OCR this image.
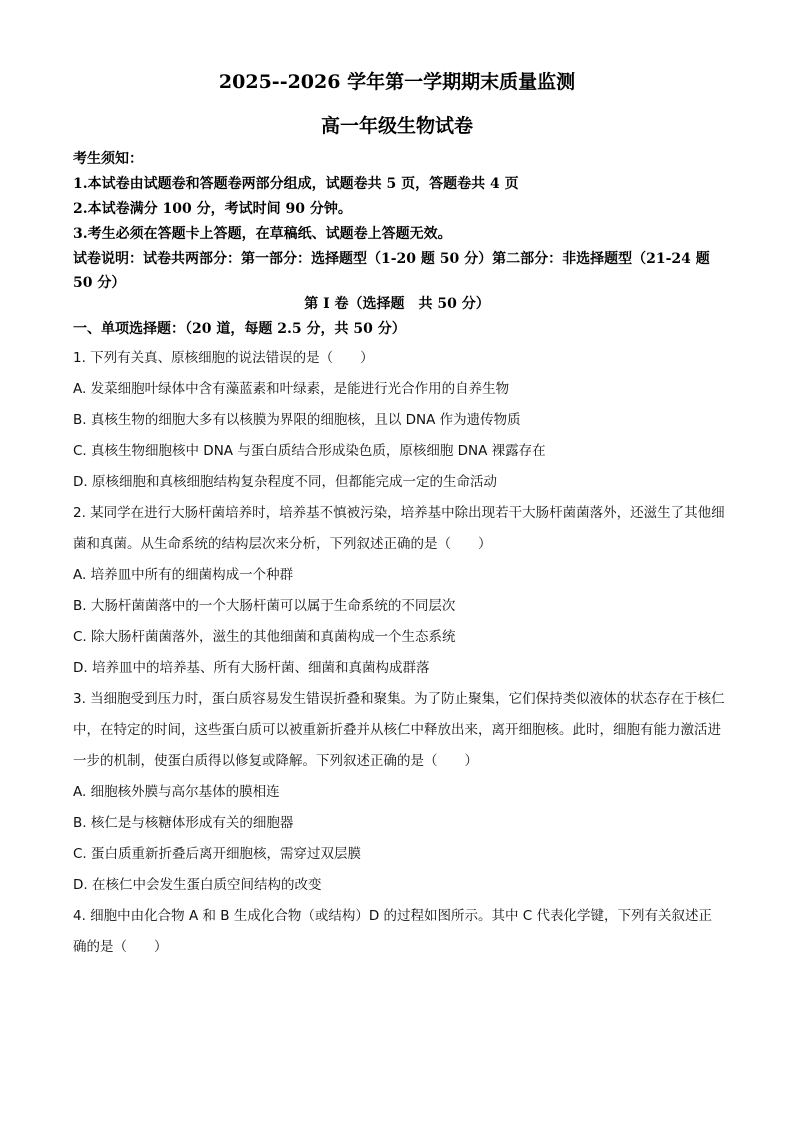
2025--2026 学年第一学期期末质量监测
高一年级生物试卷
考生须知：
1.本试卷由试题卷和答题卷两部分组成，试题卷共 5 页，答题卷共 4 页
2.本试卷满分 100 分，考试时间 90 分钟。
3.考生必须在答题卡上答题，在草稿纸、试题卷上答题无效。
试卷说明：试卷共两部分：第一部分：选择题型（1-20 题 50 分）第二部分：非选择题型（21-24 题 50 分）
第 I 卷（选择题　共 50 分）
一、单项选择题：（20 道，每题 2.5 分，共 50 分）

1. 下列有关真、原核细胞的说法错误的是（　　）

A. 发菜细胞叶绿体中含有藻蓝素和叶绿素，是能进行光合作用的自养生物
B. 真核生物的细胞大多有以核膜为界限的细胞核，且以 DNA 作为遗传物质
C. 真核生物细胞核中 DNA 与蛋白质结合形成染色质，原核细胞 DNA 裸露存在
D. 原核细胞和真核细胞结构复杂程度不同，但都能完成一定的生命活动

2. 某同学在进行大肠杆菌培养时，培养基不慎被污染，培养基中除出现若干大肠杆菌菌落外，还滋生了其他细菌和真菌。从生命系统的结构层次来分析，下列叙述正确的是（　　）

A. 培养皿中所有的细菌构成一个种群
B. 大肠杆菌菌落中的一个大肠杆菌可以属于生命系统的不同层次
C. 除大肠杆菌菌落外，滋生的其他细菌和真菌构成一个生态系统
D. 培养皿中的培养基、所有大肠杆菌、细菌和真菌构成群落

3. 当细胞受到压力时，蛋白质容易发生错误折叠和聚集。为了防止聚集，它们保持类似液体的状态存在于核仁中，在特定的时间，这些蛋白质可以被重新折叠并从核仁中释放出来，离开细胞核。此时，细胞有能力激活进一步的机制，使蛋白质得以修复或降解。下列叙述正确的是（　　）

A. 细胞核外膜与高尔基体的膜相连
B. 核仁是与核糖体形成有关的细胞器
C. 蛋白质重新折叠后离开细胞核，需穿过双层膜
D. 在核仁中会发生蛋白质空间结构的改变

4. 细胞中由化合物 A 和 B 生成化合物（或结构）D 的过程如图所示。其中 C 代表化学键，下列有关叙述正确的是（　　）
